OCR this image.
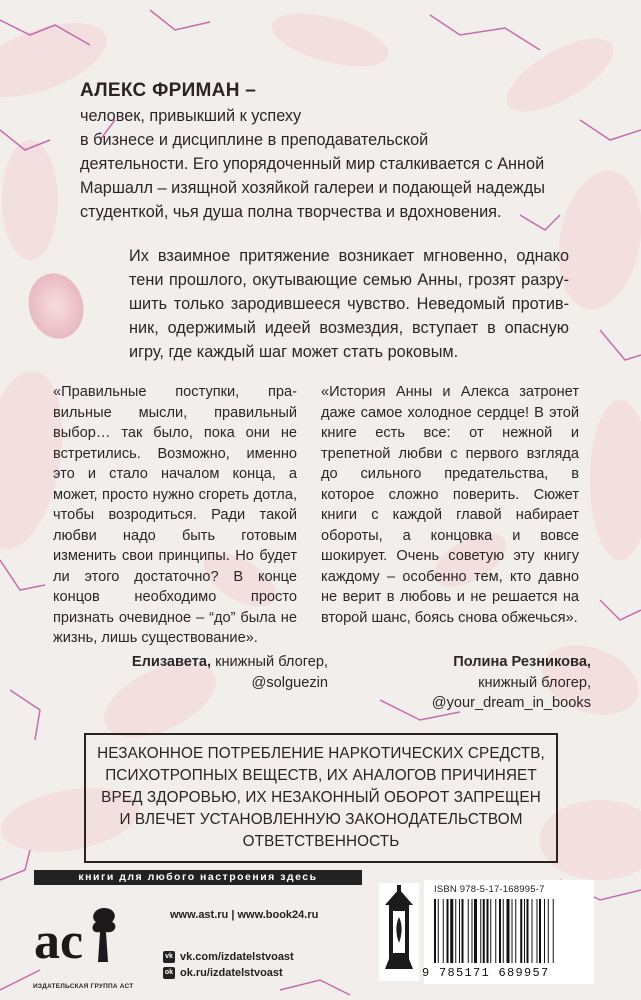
АЛЕКС ФРИМАН –
человек, привыкший к успеху
в бизнесе и дисциплине в преподавательской
деятельности. Его упорядоченный мир сталкивается с Анной
Маршалл – изящной хозяйкой галереи и подающей надежды
студенткой, чья душа полна творчества и вдохновения.
Их взаимное притяжение возникает мгновенно, однако тени прошлого, окутывающие семью Анны, грозят разрушить только зародившееся чувство. Неведомый противник, одержимый идеей возмездия, вступает в опасную игру, где каждый шаг может стать роковым.
«Правильные поступки, правильные мысли, правильный выбор… так было, пока они не встретились. Возможно, именно это и стало началом конца, а может, просто нужно сгореть дотла, чтобы возродиться. Ради такой любви надо быть готовым изменить свои принципы. Но будет ли этого достаточно? В конце концов необходимо просто признать очевидное – “до” была не жизнь, лишь существование».
Елизавета, книжный блогер,
@solguezin
«История Анны и Алекса затронет даже самое холодное сердце! В этой книге есть все: от нежной и трепетной любви с первого взгляда до сильного предательства, в которое сложно поверить. Сюжет книги с каждой главой набирает обороты, а концовка и вовсе шокирует. Очень советую эту книгу каждому – особенно тем, кто давно не верит в любовь и не решается на второй шанс, боясь снова обжечься».
Полина Резникова,
книжный блогер,
@your_dream_in_books
НЕЗАКОННОЕ ПОТРЕБЛЕНИЕ НАРКОТИЧЕСКИХ СРЕДСТВ, ПСИХОТРОПНЫХ ВЕЩЕСТВ, ИХ АНАЛОГОВ ПРИЧИНЯЕТ ВРЕД ЗДОРОВЬЮ, ИХ НЕЗАКОННЫЙ ОБОРОТ ЗАПРЕЩЕН И ВЛЕЧЕТ УСТАНОВЛЕННУЮ ЗАКОНОДАТЕЛЬСТВОМ ОТВЕТСТВЕННОСТЬ
книги для любого настроения здесь
ac
ИЗДАТЕЛЬСКАЯ ГРУППА АСТ
www.ast.ru | www.book24.ru
vk vk.com/izdatelstvoast
ok ok.ru/izdatelstvoast
ISBN 978-5-17-168995-7
9 785171 689957
